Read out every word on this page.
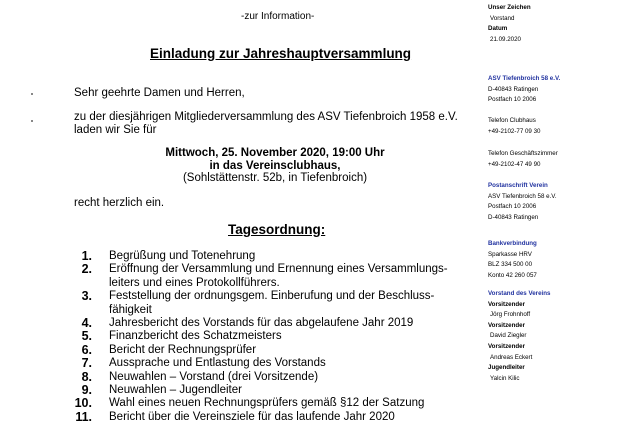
-zur Information-
Einladung zur Jahreshauptversammlung
Sehr geehrte Damen und Herren,
zu der diesjährigen Mitgliederversammlung des ASV Tiefenbroich 1958 e.V.
laden wir Sie für
Mittwoch, 25. November 2020, 19:00 Uhr
in das Vereinsclubhaus,
(Sohlstättenstr. 52b, in Tiefenbroich)
recht herzlich ein.
Tagesordnung:
1. Begrüßung und Totenehrung
2. Eröffnung der Versammlung und Ernennung eines Versammlungs-
leiters und eines Protokollführers.
3. Feststellung der ordnungsgem. Einberufung und der Beschluss-
fähigkeit
4. Jahresbericht des Vorstands für das abgelaufene Jahr 2019
5. Finanzbericht des Schatzmeisters
6. Bericht der Rechnungsprüfer
7. Aussprache und Entlastung des Vorstands
8. Neuwahlen – Vorstand (drei Vorsitzende)
9. Neuwahlen – Jugendleiter
10. Wahl eines neuen Rechnungsprüfers gemäß §12 der Satzung
11. Bericht über die Vereinsziele für das laufende Jahr 2020
Unser Zeichen
Vorstand
Datum
21.09.2020
ASV Tiefenbroich 58 e.V.
D-40843 Ratingen
Postfach 10 2006
Telefon Clubhaus
+49-2102-77 09 30
Telefon Geschäftszimmer
+49-2102-47 49 90
Postanschrift Verein
ASV Tiefenbroich 58 e.V.
Postfach 10 2006
D-40843 Ratingen
Bankverbindung
Sparkasse HRV
BLZ 334 500 00
Konto 42 260 057
Vorstand des Vereins
Vorsitzender
Jörg Frohnhoff
Vorsitzender
David Ziegler
Vorsitzender
Andreas Eckert
Jugendleiter
Yalcin Kilic
